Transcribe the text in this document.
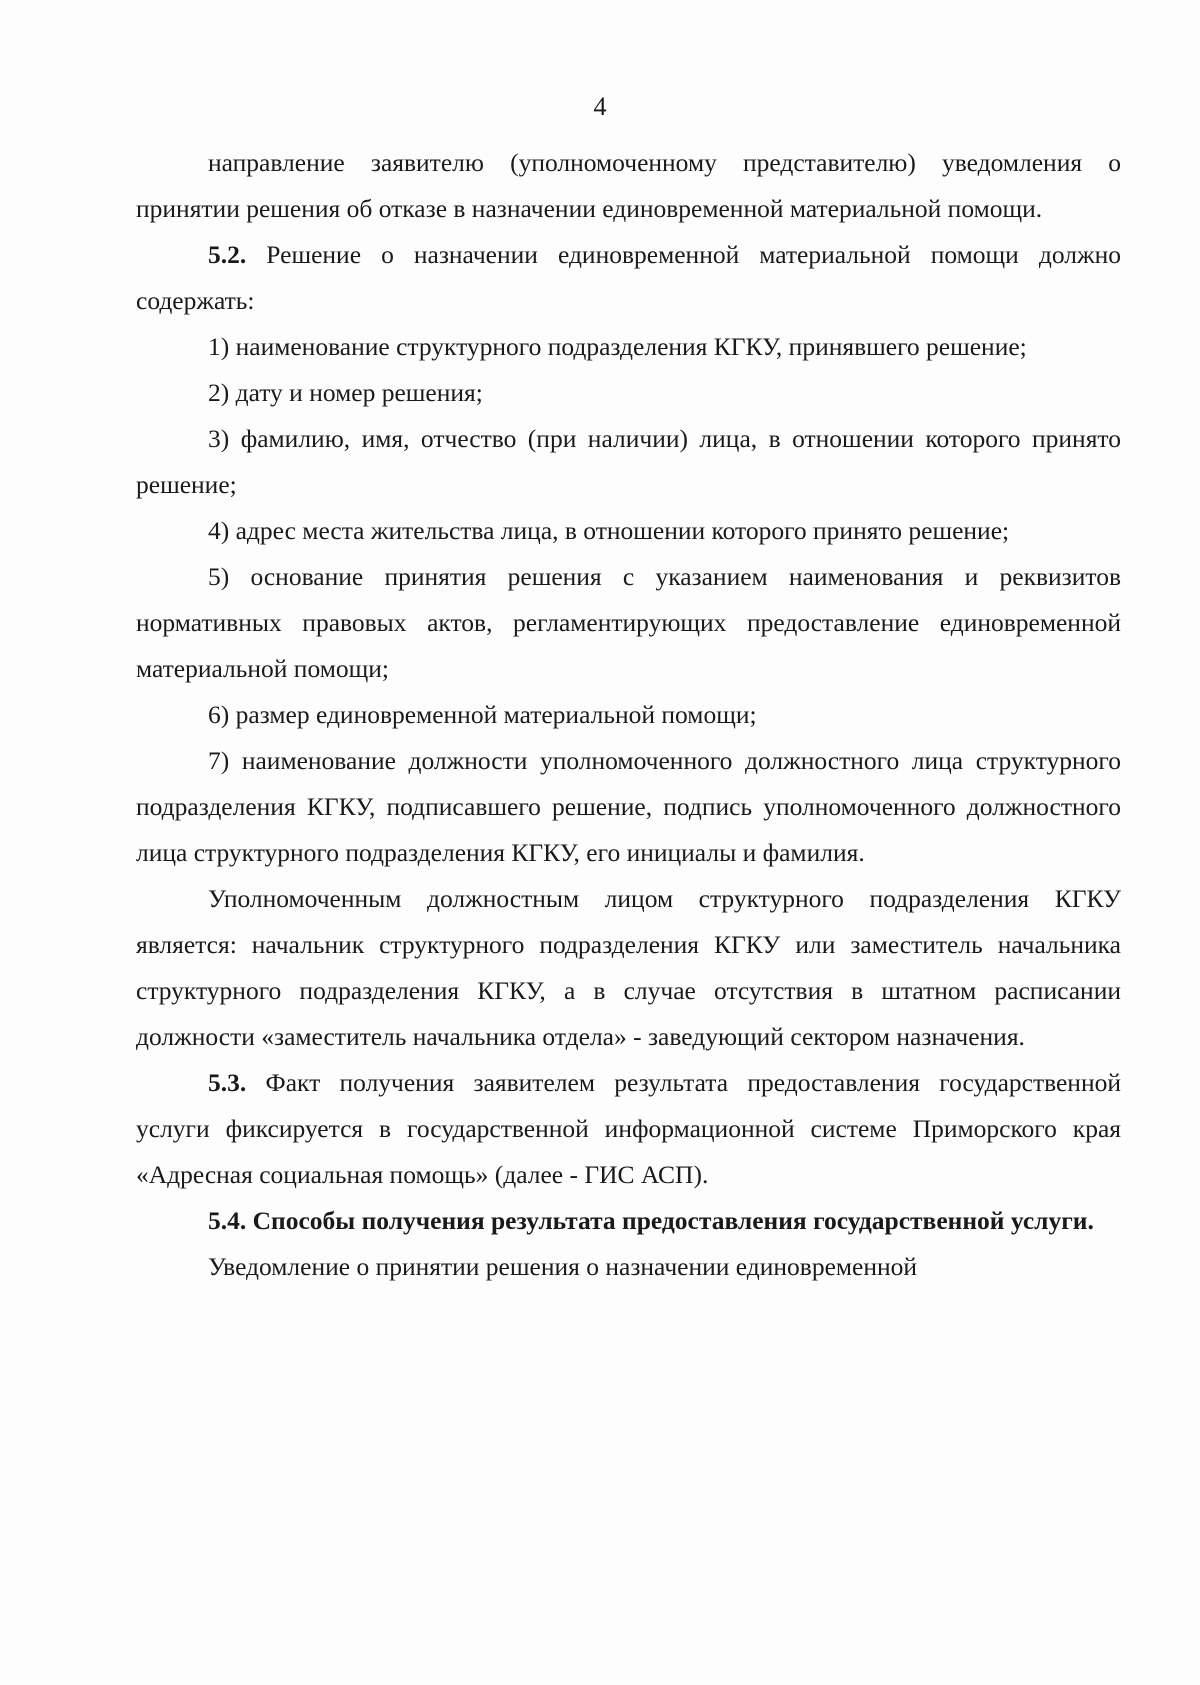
4

направление заявителю (уполномоченному представителю) уведомления о принятии решения об отказе в назначении единовременной материальной помощи.

5.2. Решение о назначении единовременной материальной помощи должно содержать:

1) наименование структурного подразделения КГКУ, принявшего решение;

2) дату и номер решения;

3) фамилию, имя, отчество (при наличии) лица, в отношении которого принято решение;

4) адрес места жительства лица, в отношении которого принято решение;

5) основание принятия решения с указанием наименования и реквизитов нормативных правовых актов, регламентирующих предоставление единовременной материальной помощи;

6) размер единовременной материальной помощи;

7) наименование должности уполномоченного должностного лица структурного подразделения КГКУ, подписавшего решение, подпись уполномоченного должностного лица структурного подразделения КГКУ, его инициалы и фамилия.

Уполномоченным должностным лицом структурного подразделения КГКУ является: начальник структурного подразделения КГКУ или заместитель начальника структурного подразделения КГКУ, а в случае отсутствия в штатном расписании должности «заместитель начальника отдела» - заведующий сектором назначения.

5.3. Факт получения заявителем результата предоставления государственной услуги фиксируется в государственной информационной системе Приморского края «Адресная социальная помощь» (далее - ГИС АСП).

5.4. Способы получения результата предоставления государственной услуги.

Уведомление о принятии решения о назначении единовременной
